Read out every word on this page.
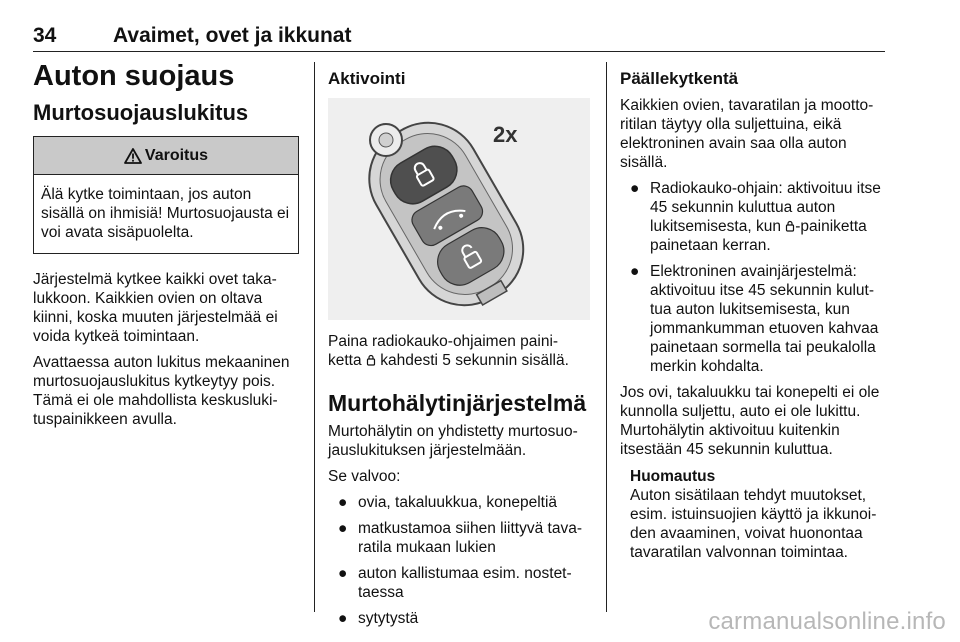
34	Avaimet, ovet ja ikkunat
Auton suojaus
Murtosuojauslukitus
Varoitus
Älä kytke toimintaan, jos auton sisällä on ihmisiä! Murtosuojausta ei voi avata sisäpuolelta.

Järjestelmä kytkee kaikki ovet taka-lukkoon. Kaikkien ovien on oltava kiinni, koska muuten järjestelmää ei voida kytkeä toimintaan.

Avattaessa auton lukitus mekaaninen murtosuojauslukitus kytkeytyy pois. Tämä ei ole mahdollista keskusluki-tuspainikkeen avulla.

Aktivointi
2x

Paina radiokauko-ohjaimen paini-ketta kahdesti 5 sekunnin sisällä.

Murtohälytinjärjestelmä

Murtohälytin on yhdistetty murtosuo-jauslukituksen järjestelmään.

Se valvoo:

● ovia, takaluukkua, konepeltiä
● matkustamoa siihen liittyvä tava-ratila mukaan lukien
● auton kallistumaa esim. nostet-taessa
● sytytystä
Päällekytkentä

Kaikkien ovien, tavaratilan ja mootto-ritilan täytyy olla suljettuina, eikä elektroninen avain saa olla auton sisällä.

● Radiokauko-ohjain: aktivoituu itse 45 sekunnin kuluttua auton lukitsemisesta, kun -painiketta painetaan kerran.
● Elektroninen avainjärjestelmä: aktivoituu itse 45 sekunnin kulut-tua auton lukitsemisesta, kun jommankumman etuoven kahvaa painetaan sormella tai peukalolla merkin kohdalta.

Jos ovi, takaluukku tai konepelti ei ole kunnolla suljettu, auto ei ole lukittu. Murtohälytin aktivoituu kuitenkin itsestään 45 sekunnin kuluttua.

Huomautus
Auton sisätilaan tehdyt muutokset, esim. istuinsuojien käyttö ja ikkunoi-den avaaminen, voivat huonontaa tavaratilan valvonnan toimintaa.
carmanualsonline.info
